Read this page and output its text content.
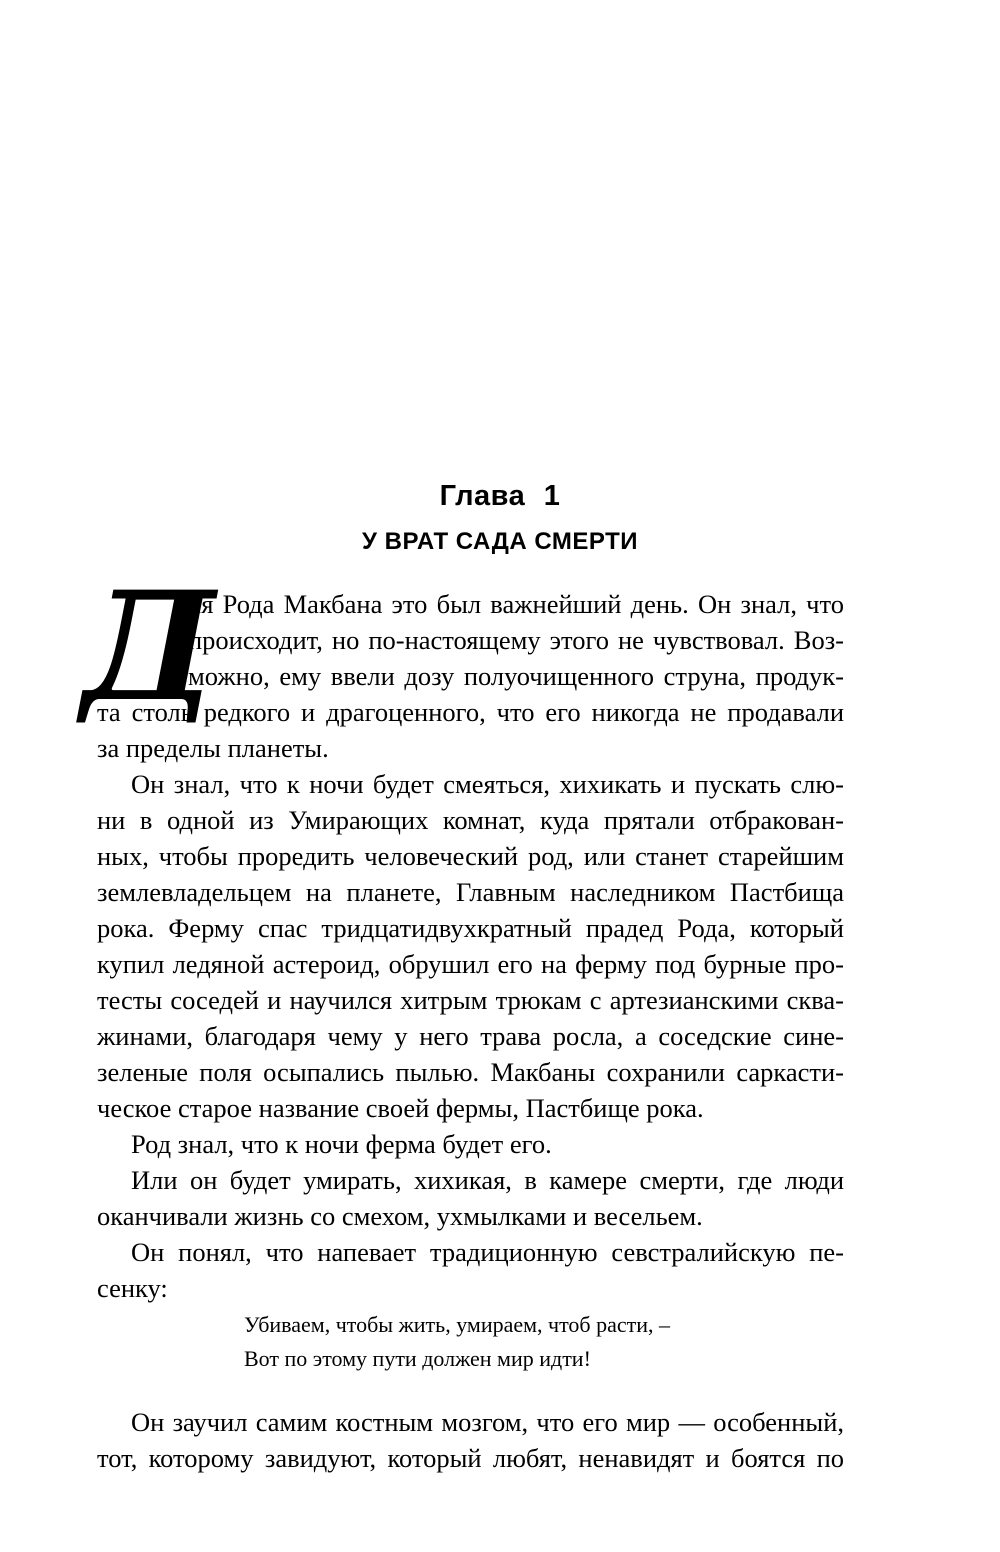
Глава 1
У ВРАТ САДА СМЕРТИ
Д
ля Рода Макбана это был важнейший день. Он знал, что
происходит, но по-настоящему этого не чувствовал. Воз-
можно, ему ввели дозу полуочищенного струна, продук-
та столь редкого и драгоценного, что его никогда не продавали
за пределы планеты.
Он знал, что к ночи будет смеяться, хихикать и пускать слю-
ни в одной из Умирающих комнат, куда прятали отбракован-
ных, чтобы проредить человеческий род, или станет старейшим
землевладельцем на планете, Главным наследником Пастбища
рока. Ферму спас тридцатидвухкратный прадед Рода, который
купил ледяной астероид, обрушил его на ферму под бурные про-
тесты соседей и научился хитрым трюкам с артезианскими сква-
жинами, благодаря чему у него трава росла, а соседские сине-
зеленые поля осыпались пылью. Макбаны сохранили саркасти-
ческое старое название своей фермы, Пастбище рока.
Род знал, что к ночи ферма будет его.
Или он будет умирать, хихикая, в камере смерти, где люди
оканчивали жизнь со смехом, ухмылками и весельем.
Он понял, что напевает традиционную севстралийскую пе-
сенку:
Убиваем, чтобы жить, умираем, чтоб расти, –
Вот по этому пути должен мир идти!
Он заучил самим костным мозгом, что его мир — особенный,
тот, которому завидуют, который любят, ненавидят и боятся по
